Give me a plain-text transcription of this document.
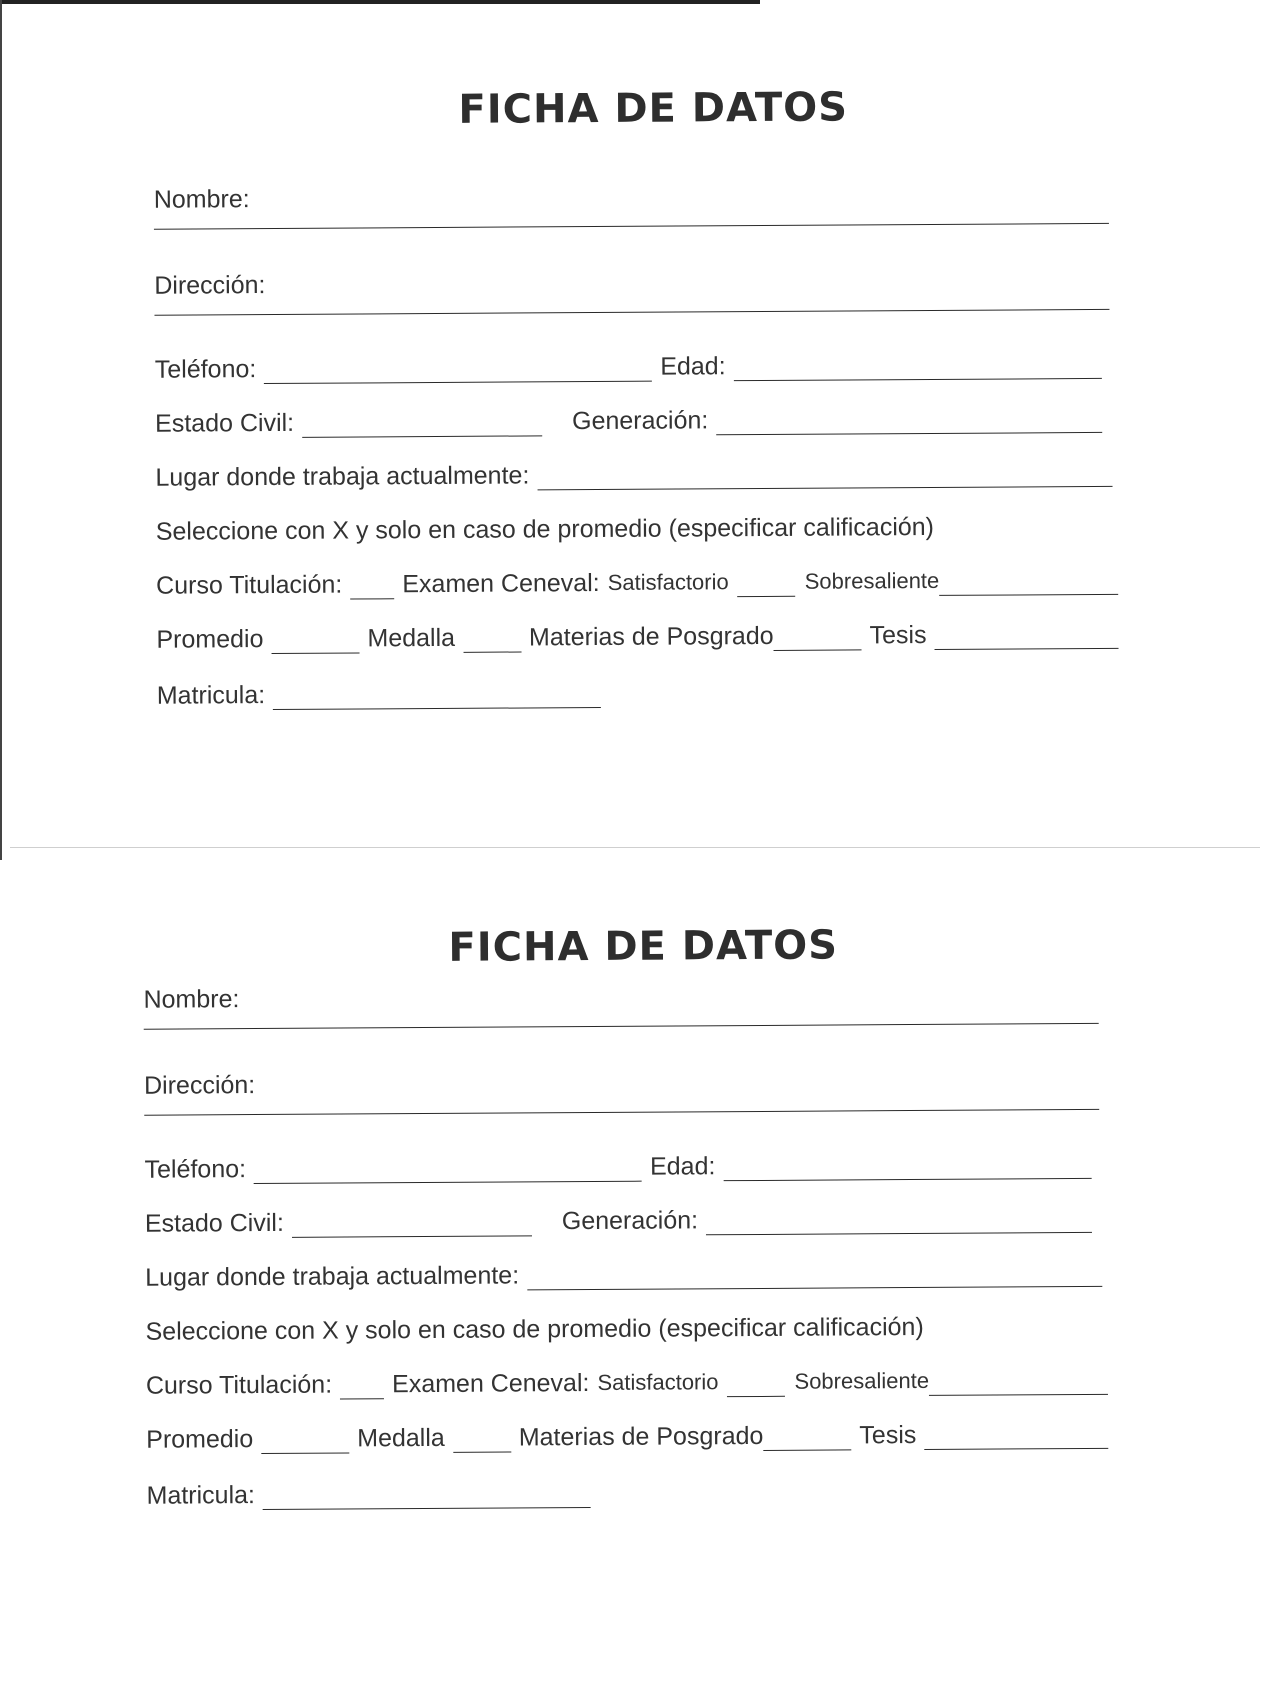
FICHA DE DATOS
Nombre:
Dirección:
Teléfono:	Edad:
Estado Civil:	Generación:
Lugar donde trabaja actualmente:
Seleccione con X y solo en caso de promedio (especificar calificación)
Curso Titulación: Examen Ceneval: Satisfactorio	Sobresaliente
Promedio	Medalla	Materias de Posgrado	Tesis
Matricula:
FICHA DE DATOS
Nombre:
Dirección:
Teléfono:	Edad:
Estado Civil:	Generación:
Lugar donde trabaja actualmente:
Seleccione con X y solo en caso de promedio (especificar calificación)
Curso Titulación: Examen Ceneval: Satisfactorio	Sobresaliente
Promedio	Medalla	Materias de Posgrado	Tesis
Matricula:
